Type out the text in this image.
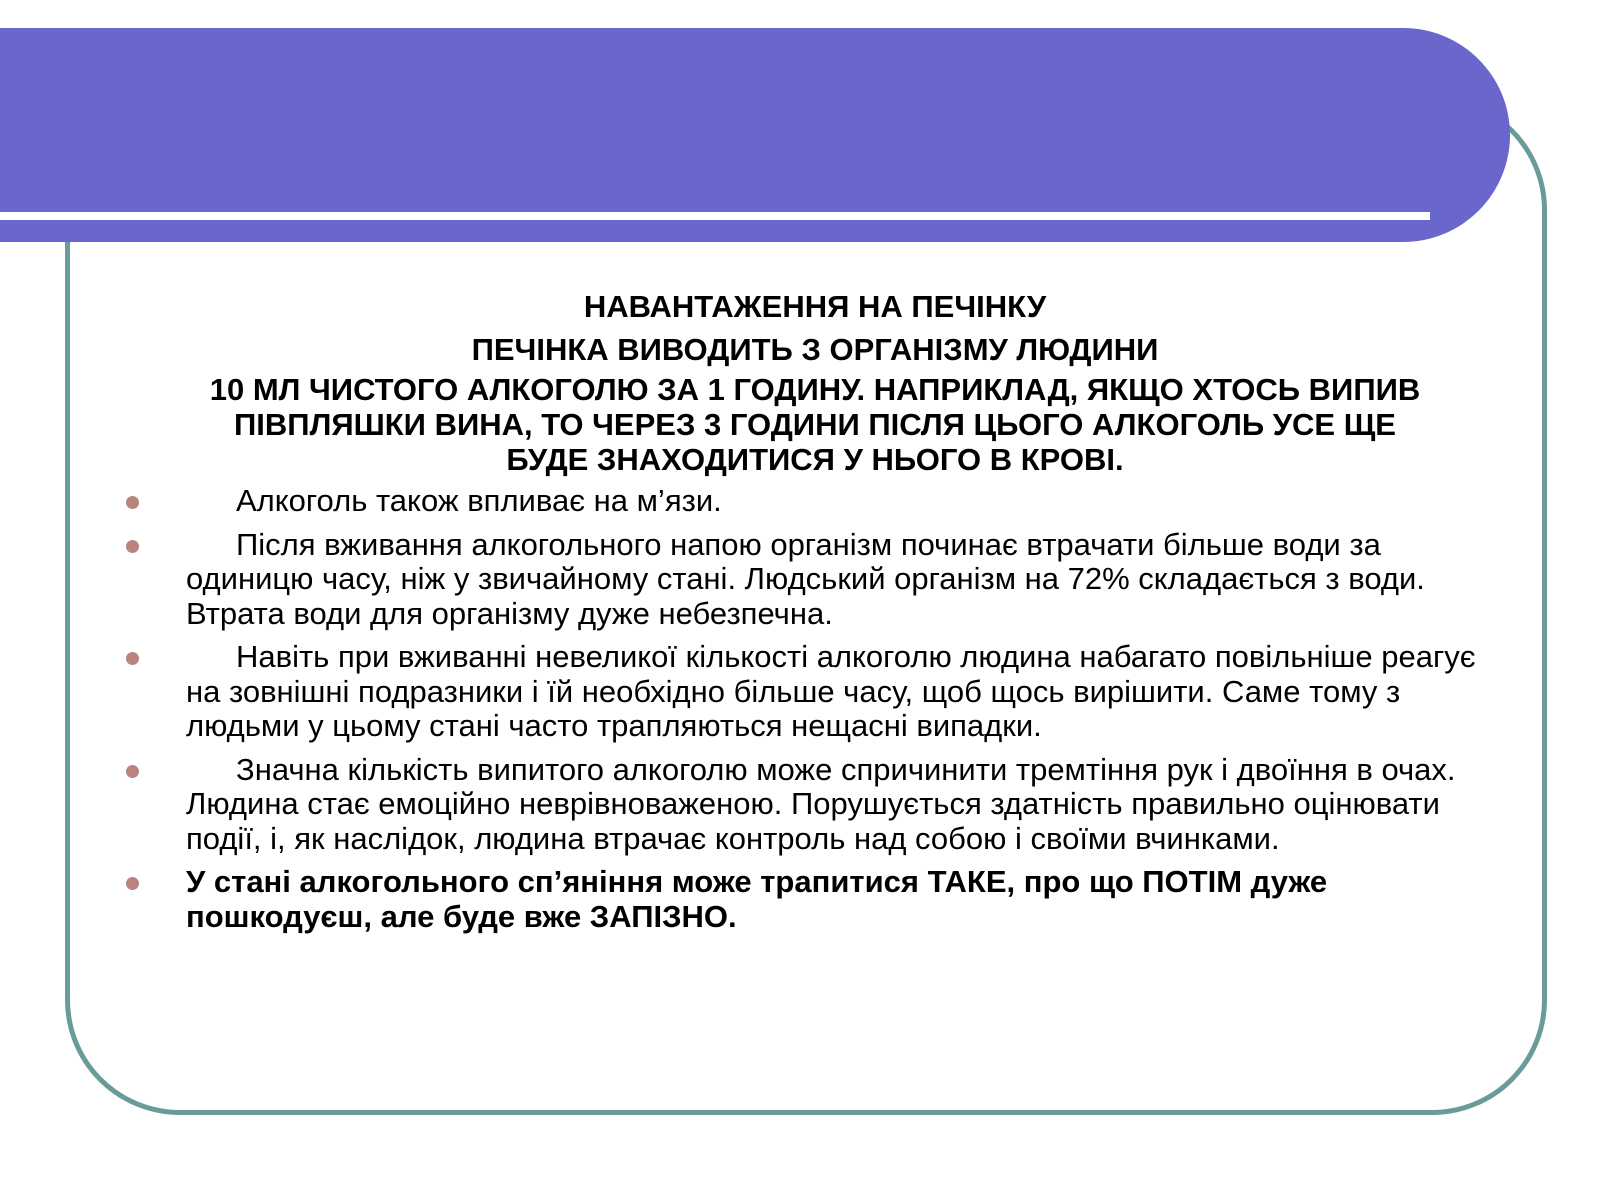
НАВАНТАЖЕННЯ НА ПЕЧІНКУ
ПЕЧІНКА ВИВОДИТЬ З ОРГАНІЗМУ ЛЮДИНИ
10 МЛ ЧИСТОГО АЛКОГОЛЮ ЗА 1 ГОДИНУ. НАПРИКЛАД, ЯКЩО ХТОСЬ ВИПИВ ПІВПЛЯШКИ ВИНА, ТО ЧЕРЕЗ 3 ГОДИНИ ПІСЛЯ ЦЬОГО АЛКОГОЛЬ УСЕ ЩЕ БУДЕ ЗНАХОДИТИСЯ У НЬОГО В КРОВІ.
Алкоголь також впливає на м’язи.
Після вживання алкогольного напою організм починає втрачати більше води за одиницю часу, ніж у звичайному стані. Людський організм на 72% складається з води. Втрата води для організму дуже небезпечна.
Навіть при вживанні невеликої кількості алкоголю людина набагато повільніше реагує на зовнішні подразники і їй необхідно більше часу, щоб щось вирішити. Саме тому з людьми у цьому стані часто трапляються нещасні випадки.
Значна кількість випитого алкоголю може спричинити тремтіння рук і двоїння в очах. Людина стає емоційно неврівноваженою. Порушується здатність правильно оцінювати події, і, як наслідок, людина втрачає контроль над собою і своїми вчинками.
У стані алкогольного сп’яніння може трапитися ТАКЕ, про що ПОТІМ дуже пошкодуєш, але буде вже ЗАПІЗНО.
